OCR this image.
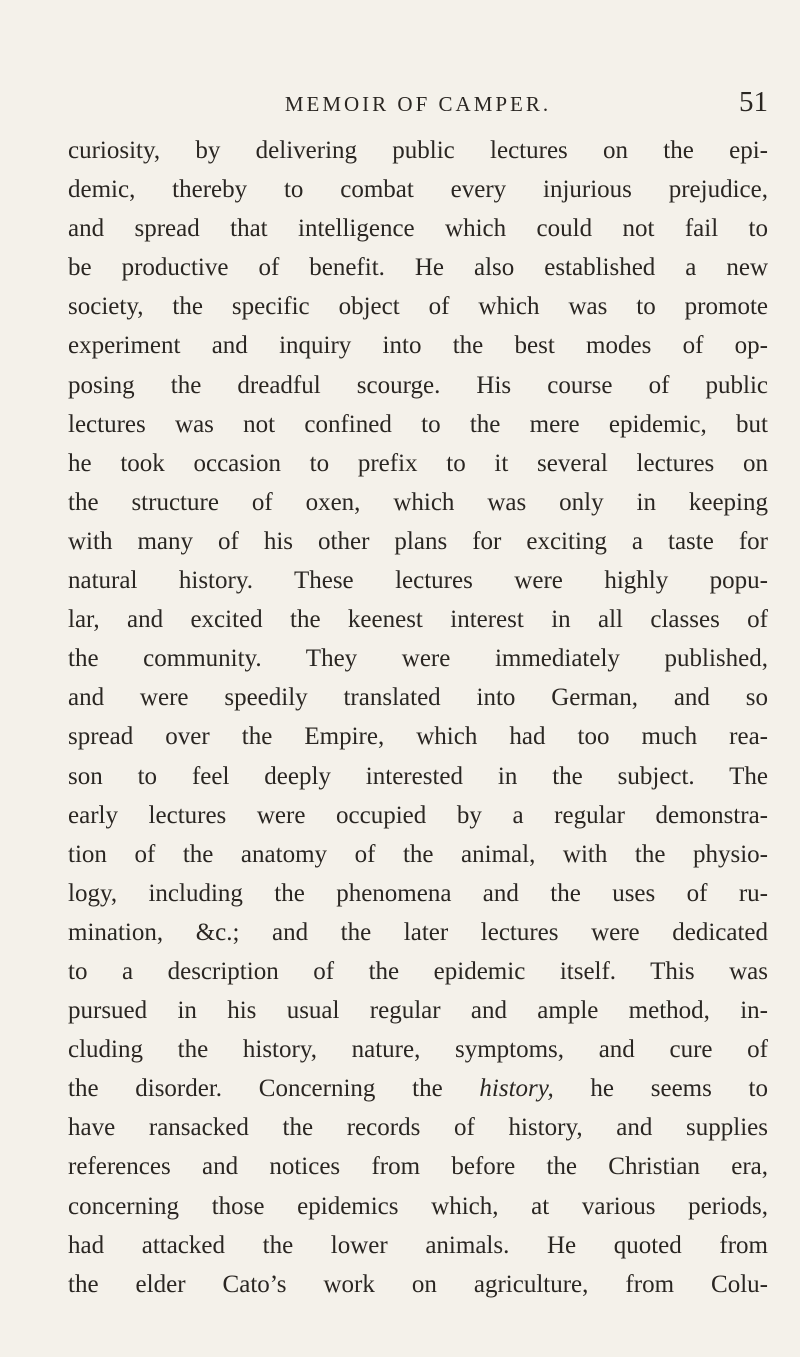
MEMOIR OF CAMPER.	51
curiosity, by delivering public lectures on the epi-
demic, thereby to combat every injurious prejudice,
and spread that intelligence which could not fail to
be productive of benefit. He also established a new
society, the specific object of which was to promote
experiment and inquiry into the best modes of op-
posing the dreadful scourge. His course of public
lectures was not confined to the mere epidemic, but
he took occasion to prefix to it several lectures on
the structure of oxen, which was only in keeping
with many of his other plans for exciting a taste for
natural history. These lectures were highly popu-
lar, and excited the keenest interest in all classes of
the community. They were immediately published,
and were speedily translated into German, and so
spread over the Empire, which had too much rea-
son to feel deeply interested in the subject. The
early lectures were occupied by a regular demonstra-
tion of the anatomy of the animal, with the physio-
logy, including the phenomena and the uses of ru-
mination, &c.; and the later lectures were dedicated
to a description of the epidemic itself. This was
pursued in his usual regular and ample method, in-
cluding the history, nature, symptoms, and cure of
the disorder. Concerning the history, he seems to
have ransacked the records of history, and supplies
references and notices from before the Christian era,
concerning those epidemics which, at various periods,
had attacked the lower animals. He quoted from
the elder Cato’s work on agriculture, from Colu-
